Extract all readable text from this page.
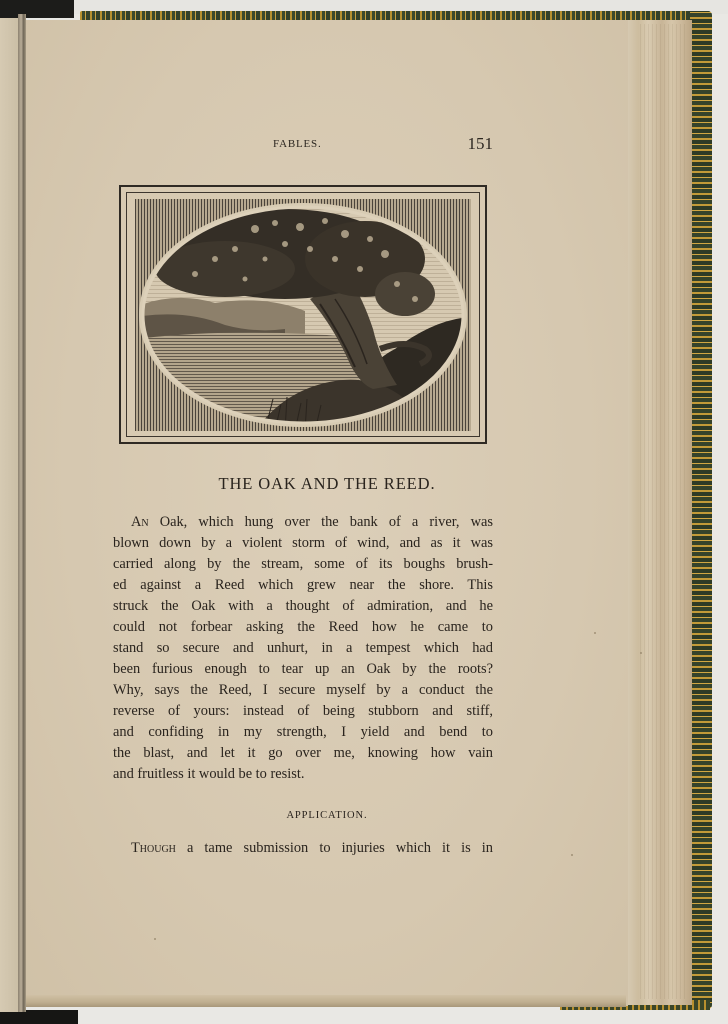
FABLES.	151
THE OAK AND THE REED.
An Oak, which hung over the bank of a river, was
blown down by a violent storm of wind, and as it was
carried along by the stream, some of its boughs brush-
ed against a Reed which grew near the shore. This
struck the Oak with a thought of admiration, and he
could not forbear asking the Reed how he came to
stand so secure and unhurt, in a tempest which had
been furious enough to tear up an Oak by the roots?
Why, says the Reed, I secure myself by a conduct the
reverse of yours: instead of being stubborn and stiff,
and confiding in my strength, I yield and bend to
the blast, and let it go over me, knowing how vain
and fruitless it would be to resist.
APPLICATION.
Though a tame submission to injuries which it is in
